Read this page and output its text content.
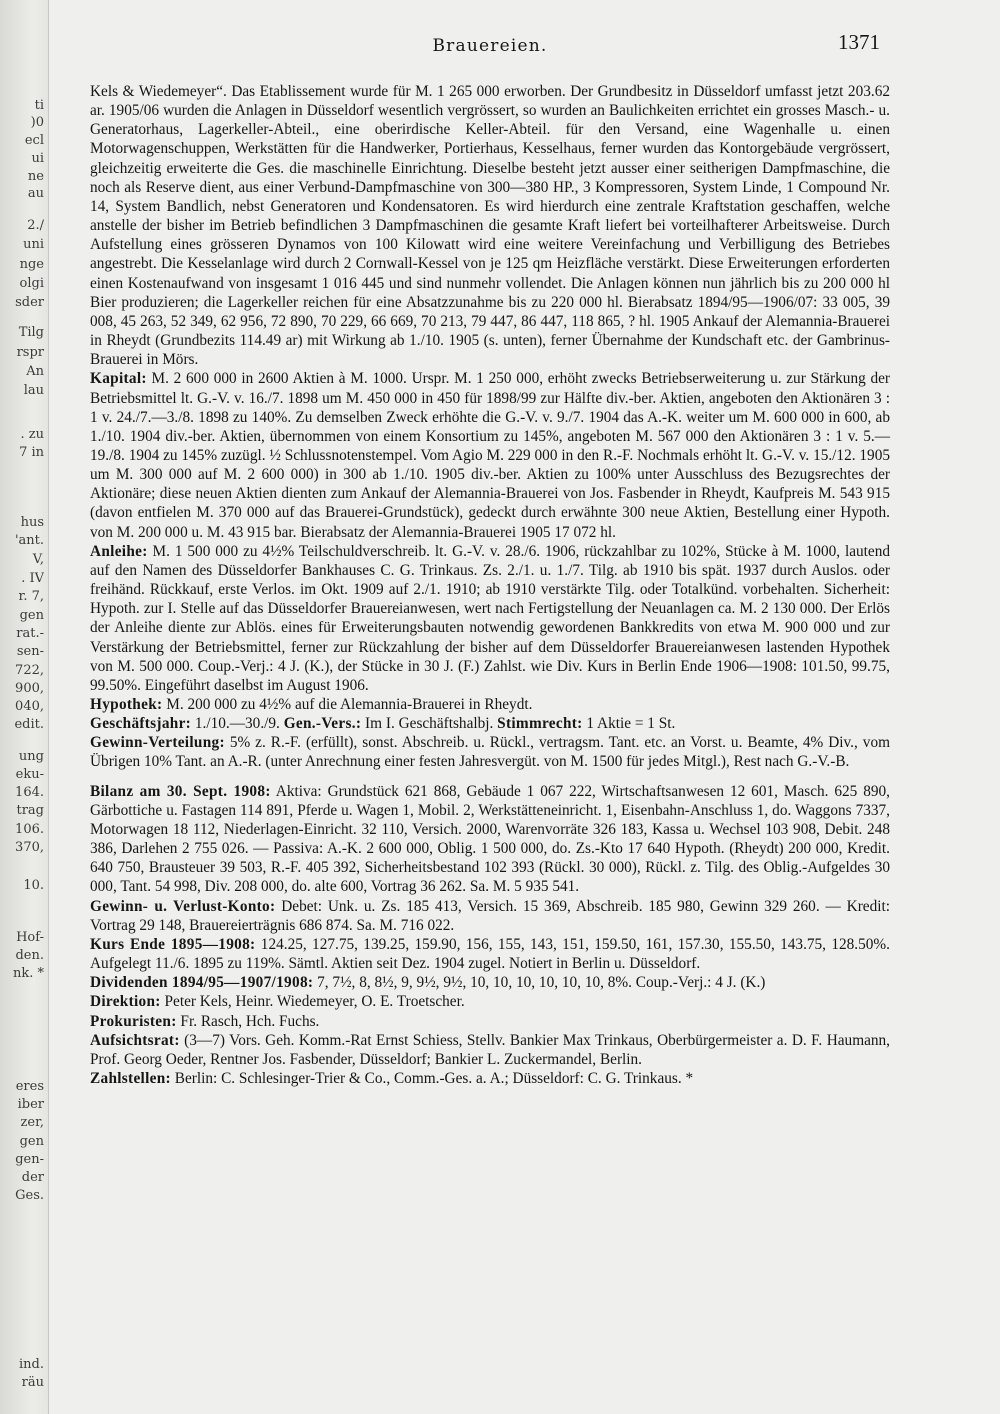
ti
)0
ecl
ui
ne
au
2./
uni
nge
olgi
sder
Tilg
rspr
An
lau
. zu
7 in
hus
'ant.
V,
. IV
r. 7,
gen
rat.-
sen-
722,
900,
040,
edit.
ung
eku-
164.
trag
106.
370,
10.
Hof-
den.
nk. *
eres
iber
zer,
gen
gen-
der
Ges.
ind.
räu
Brauereien.	1371

Kels & Wiedemeyer“. Das Etablissement wurde für M. 1 265 000 erworben. Der Grundbesitz in Düsseldorf umfasst jetzt 203.62 ar. 1905/06 wurden die Anlagen in Düsseldorf wesentlich vergrössert, so wurden an Baulichkeiten errichtet ein grosses Masch.- u. Generatorhaus, Lagerkeller-Abteil., eine oberirdische Keller-Abteil. für den Versand, eine Wagenhalle u. einen Motorwagenschuppen, Werkstätten für die Handwerker, Portierhaus, Kesselhaus, ferner wurden das Kontorgebäude vergrössert, gleichzeitig erweiterte die Ges. die maschinelle Einrichtung. Dieselbe besteht jetzt ausser einer seitherigen Dampfmaschine, die noch als Reserve dient, aus einer Verbund-Dampfmaschine von 300—380 HP., 3 Kompressoren, System Linde, 1 Compound Nr. 14, System Bandlich, nebst Generatoren und Kondensatoren. Es wird hierdurch eine zentrale Kraftstation geschaffen, welche anstelle der bisher im Betrieb befindlichen 3 Dampfmaschinen die gesamte Kraft liefert bei vorteilhafterer Arbeitsweise. Durch Aufstellung eines grösseren Dynamos von 100 Kilowatt wird eine weitere Vereinfachung und Verbilligung des Betriebes angestrebt. Die Kesselanlage wird durch 2 Cornwall-Kessel von je 125 qm Heizfläche verstärkt. Diese Erweiterungen erforderten einen Kostenaufwand von insgesamt 1 016 445 und sind nunmehr vollendet. Die Anlagen können nun jährlich bis zu 200 000 hl Bier produzieren; die Lagerkeller reichen für eine Absatzzunahme bis zu 220 000 hl. Bierabsatz 1894/95—1906/07: 33 005, 39 008, 45 263, 52 349, 62 956, 72 890, 70 229, 66 669, 70 213, 79 447, 86 447, 118 865, ? hl. 1905 Ankauf der Alemannia-Brauerei in Rheydt (Grundbezits 114.49 ar) mit Wirkung ab 1./10. 1905 (s. unten), ferner Übernahme der Kundschaft etc. der Gambrinus-Brauerei in Mörs.

Kapital: M. 2 600 000 in 2600 Aktien à M. 1000. Urspr. M. 1 250 000, erhöht zwecks Betriebserweiterung u. zur Stärkung der Betriebsmittel lt. G.-V. v. 16./7. 1898 um M. 450 000 in 450 für 1898/99 zur Hälfte div.-ber. Aktien, angeboten den Aktionären 3 : 1 v. 24./7.—3./8. 1898 zu 140%. Zu demselben Zweck erhöhte die G.-V. v. 9./7. 1904 das A.-K. weiter um M. 600 000 in 600, ab 1./10. 1904 div.-ber. Aktien, übernommen von einem Konsortium zu 145%, angeboten M. 567 000 den Aktionären 3 : 1 v. 5.—19./8. 1904 zu 145% zuzügl. ½ Schlussnotenstempel. Vom Agio M. 229 000 in den R.-F. Nochmals erhöht lt. G.-V. v. 15./12. 1905 um M. 300 000 auf M. 2 600 000) in 300 ab 1./10. 1905 div.-ber. Aktien zu 100% unter Ausschluss des Bezugsrechtes der Aktionäre; diese neuen Aktien dienten zum Ankauf der Alemannia-Brauerei von Jos. Fasbender in Rheydt, Kaufpreis M. 543 915 (davon entfielen M. 370 000 auf das Brauerei-Grundstück), gedeckt durch erwähnte 300 neue Aktien, Bestellung einer Hypoth. von M. 200 000 u. M. 43 915 bar. Bierabsatz der Alemannia-Brauerei 1905 17 072 hl.

Anleihe: M. 1 500 000 zu 4½% Teilschuldverschreib. lt. G.-V. v. 28./6. 1906, rückzahlbar zu 102%, Stücke à M. 1000, lautend auf den Namen des Düsseldorfer Bankhauses C. G. Trinkaus. Zs. 2./1. u. 1./7. Tilg. ab 1910 bis spät. 1937 durch Auslos. oder freihänd. Rückkauf, erste Verlos. im Okt. 1909 auf 2./1. 1910; ab 1910 verstärkte Tilg. oder Totalkünd. vorbehalten. Sicherheit: Hypoth. zur I. Stelle auf das Düsseldorfer Brauereianwesen, wert nach Fertigstellung der Neuanlagen ca. M. 2 130 000. Der Erlös der Anleihe diente zur Ablös. eines für Erweiterungsbauten notwendig gewordenen Bankkredits von etwa M. 900 000 und zur Verstärkung der Betriebsmittel, ferner zur Rückzahlung der bisher auf dem Düsseldorfer Brauereianwesen lastenden Hypothek von M. 500 000. Coup.-Verj.: 4 J. (K.), der Stücke in 30 J. (F.) Zahlst. wie Div. Kurs in Berlin Ende 1906—1908: 101.50, 99.75, 99.50%. Eingeführt daselbst im August 1906.

Hypothek: M. 200 000 zu 4½% auf die Alemannia-Brauerei in Rheydt.

Geschäftsjahr: 1./10.—30./9. Gen.-Vers.: Im I. Geschäftshalbj. Stimmrecht: 1 Aktie = 1 St.

Gewinn-Verteilung: 5% z. R.-F. (erfüllt), sonst. Abschreib. u. Rückl., vertragsm. Tant. etc. an Vorst. u. Beamte, 4% Div., vom Übrigen 10% Tant. an A.-R. (unter Anrechnung einer festen Jahresvergüt. von M. 1500 für jedes Mitgl.), Rest nach G.-V.-B.

Bilanz am 30. Sept. 1908: Aktiva: Grundstück 621 868, Gebäude 1 067 222, Wirtschaftsanwesen 12 601, Masch. 625 890, Gärbottiche u. Fastagen 114 891, Pferde u. Wagen 1, Mobil. 2, Werkstätteneinricht. 1, Eisenbahn-Anschluss 1, do. Waggons 7337, Motorwagen 18 112, Niederlagen-Einricht. 32 110, Versich. 2000, Warenvorräte 326 183, Kassa u. Wechsel 103 908, Debit. 248 386, Darlehen 2 755 026. — Passiva: A.-K. 2 600 000, Oblig. 1 500 000, do. Zs.-Kto 17 640 Hypoth. (Rheydt) 200 000, Kredit. 640 750, Brausteuer 39 503, R.-F. 405 392, Sicherheitsbestand 102 393 (Rückl. 30 000), Rückl. z. Tilg. des Oblig.-Aufgeldes 30 000, Tant. 54 998, Div. 208 000, do. alte 600, Vortrag 36 262. Sa. M. 5 935 541.

Gewinn- u. Verlust-Konto: Debet: Unk. u. Zs. 185 413, Versich. 15 369, Abschreib. 185 980, Gewinn 329 260. — Kredit: Vortrag 29 148, Brauereierträgnis 686 874. Sa. M. 716 022.

Kurs Ende 1895—1908: 124.25, 127.75, 139.25, 159.90, 156, 155, 143, 151, 159.50, 161, 157.30, 155.50, 143.75, 128.50%. Aufgelegt 11./6. 1895 zu 119%. Sämtl. Aktien seit Dez. 1904 zugel. Notiert in Berlin u. Düsseldorf.

Dividenden 1894/95—1907/1908: 7, 7½, 8, 8½, 9, 9½, 9½, 10, 10, 10, 10, 10, 10, 8%. Coup.-Verj.: 4 J. (K.)

Direktion: Peter Kels, Heinr. Wiedemeyer, O. E. Troetscher.

Prokuristen: Fr. Rasch, Hch. Fuchs.

Aufsichtsrat: (3—7) Vors. Geh. Komm.-Rat Ernst Schiess, Stellv. Bankier Max Trinkaus, Oberbürgermeister a. D. F. Haumann, Prof. Georg Oeder, Rentner Jos. Fasbender, Düsseldorf; Bankier L. Zuckermandel, Berlin.

Zahlstellen: Berlin: C. Schlesinger-Trier & Co., Comm.-Ges. a. A.; Düsseldorf: C. G. Trinkaus. *
